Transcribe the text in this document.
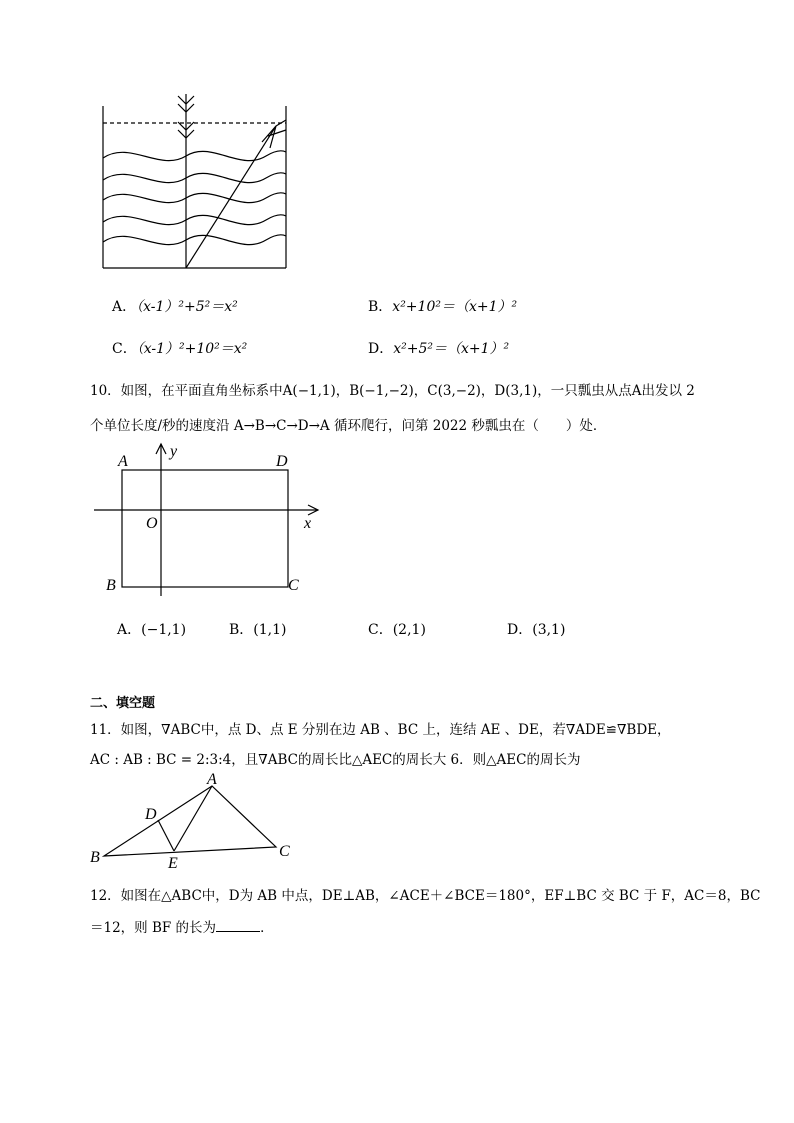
A．（x-1）²+5²＝x²	B．x²+10²＝（x+1）²
C．（x-1）²+10²＝x²	D．x²+5²＝（x+1）²
10．如图，在平面直角坐标系中A(−1,1)，B(−1,−2)，C(3,−2)，D(3,1)，一只瓢虫从点A出发以 2
个单位长度/秒的速度沿 A→B→C→D→A 循环爬行，问第 2022 秒瓢虫在（　　）处．
A
y
D
O	x
B	C
A．(−1,1)	B．(1,1)	C．(2,1)	D．(3,1)
二、填空题
11．如图，∇ABC中，点 D、点 E 分别在边 AB 、BC 上，连结 AE 、DE，若∇ADE≌∇BDE，
AC : AB : BC = 2:3:4，且∇ABC的周长比△AEC的周长大 6．则△AEC的周长为
A
D
B	E
C
12．如图在△ABC中，D为 AB 中点，DE⊥AB，∠ACE＋∠BCE＝180°，EF⊥BC 交 BC 于 F，AC＝8，BC
＝12，则 BF 的长为	．
